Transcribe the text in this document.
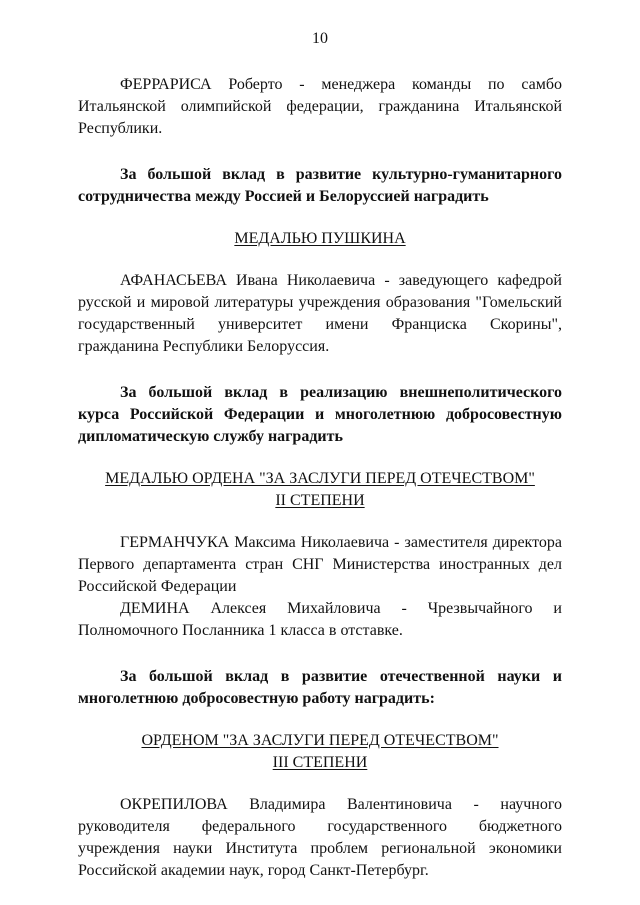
10

ФЕРРАРИСА Роберто - менеджера команды по самбо Итальянской олимпийской федерации, гражданина Итальянской Республики.

За большой вклад в развитие культурно-гуманитарного сотрудничества между Россией и Белоруссией наградить

МЕДАЛЬЮ ПУШКИНА

АФАНАСЬЕВА Ивана Николаевича - заведующего кафедрой русской и мировой литературы учреждения образования "Гомельский государственный университет имени Франциска Скорины", гражданина Республики Белоруссия.

За большой вклад в реализацию внешнеполитического курса Российской Федерации и многолетнюю добросовестную дипломатическую службу наградить

МЕДАЛЬЮ ОРДЕНА "ЗА ЗАСЛУГИ ПЕРЕД ОТЕЧЕСТВОМ"
II СТЕПЕНИ

ГЕРМАНЧУКА Максима Николаевича - заместителя директора Первого департамента стран СНГ Министерства иностранных дел Российской Федерации

ДЕМИНА Алексея Михайловича - Чрезвычайного и Полномочного Посланника 1 класса в отставке.

За большой вклад в развитие отечественной науки и многолетнюю добросовестную работу наградить:

ОРДЕНОМ "ЗА ЗАСЛУГИ ПЕРЕД ОТЕЧЕСТВОМ"
III СТЕПЕНИ

ОКРЕПИЛОВА Владимира Валентиновича - научного руководителя федерального государственного бюджетного учреждения науки Института проблем региональной экономики Российской академии наук, город Санкт-Петербург.
